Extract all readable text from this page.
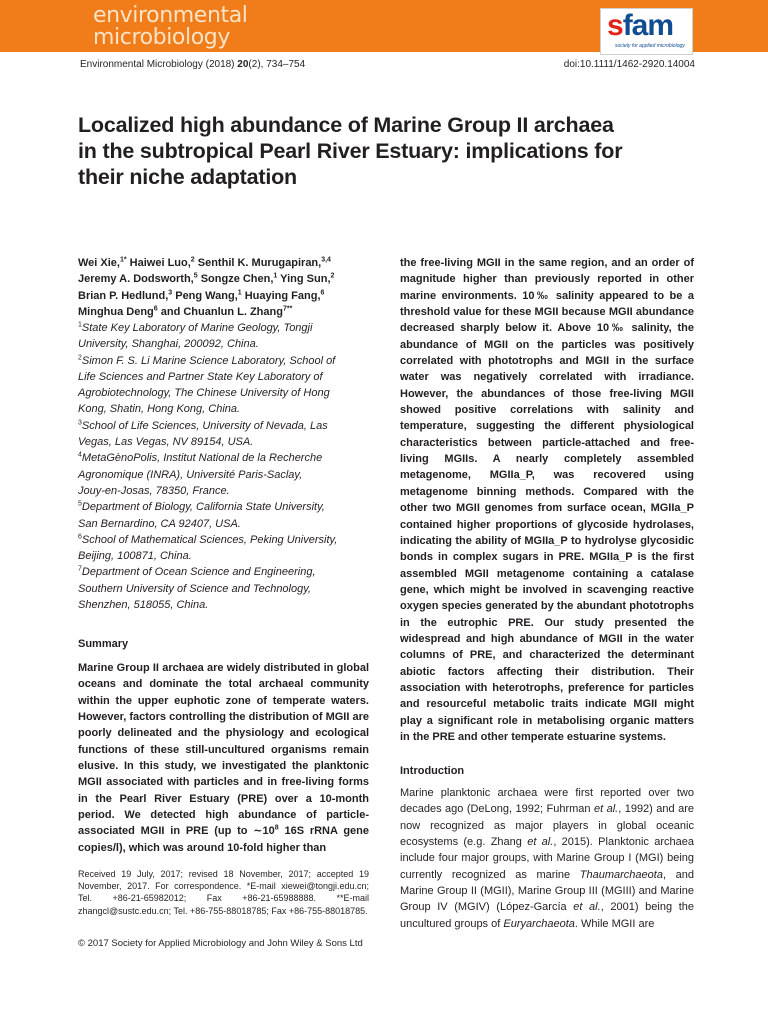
environmental
microbiology	sfam
society for applied microbiology
Environmental Microbiology (2018) 20(2), 734–754	doi:10.1111/1462-2920.14004
Localized high abundance of Marine Group II archaea
in the subtropical Pearl River Estuary: implications for
their niche adaptation
Wei Xie,$^{1*}$ Haiwei Luo,$^2$ Senthil K. Murugapiran,$^{3,4}$
Jeremy A. Dodsworth,$^5$ Songze Chen,$^1$ Ying Sun,$^2$
Brian P. Hedlund,$^3$ Peng Wang,$^1$ Huaying Fang,$^6$
Minghua Deng$^6$ and Chuanlun L. Zhang$^{7**}$

$^1$State Key Laboratory of Marine Geology, Tongji
University, Shanghai, 200092, China.

$^2$Simon F. S. Li Marine Science Laboratory, School of
Life Sciences and Partner State Key Laboratory of
Agrobiotechnology, The Chinese University of Hong
Kong, Shatin, Hong Kong, China.

$^3$School of Life Sciences, University of Nevada, Las
Vegas, Las Vegas, NV 89154, USA.

$^4$MetaGènoPolis, Institut National de la Recherche
Agronomique (INRA), Université Paris-Saclay,
Jouy-en-Josas, 78350, France.

$^5$Department of Biology, California State University,
San Bernardino, CA 92407, USA.

$^6$School of Mathematical Sciences, Peking University,
Beijing, 100871, China.

$^7$Department of Ocean Science and Engineering,
Southern University of Science and Technology,
Shenzhen, 518055, China.

Summary

Marine Group II archaea are widely distributed in global oceans and dominate the total archaeal community within the upper euphotic zone of temperate waters. However, factors controlling the distribution of MGII are poorly delineated and the physiology and ecological functions of these still-uncultured organisms remain elusive. In this study, we investigated the planktonic MGII associated with particles and in free-living forms in the Pearl River Estuary (PRE) over a 10-month period. We detected high abundance of particle-associated MGII in PRE (up to $\sim 10^8$ 16S rRNA gene copies/l), which was around 10-fold higher than

the free-living MGII in the same region, and an order of magnitude higher than previously reported in other marine environments. 10‰ salinity appeared to be a threshold value for these MGII because MGII abundance decreased sharply below it. Above 10‰ salinity, the abundance of MGII on the particles was positively correlated with phototrophs and MGII in the surface water was negatively correlated with irradiance. However, the abundances of those free-living MGII showed positive correlations with salinity and temperature, suggesting the different physiological characteristics between particle-attached and free-living MGIIs. A nearly completely assembled metagenome, MGIIa_P, was recovered using metagenome binning methods. Compared with the other two MGII genomes from surface ocean, MGIIa_P contained higher proportions of glycoside hydrolases, indicating the ability of MGIIa_P to hydrolyse glycosidic bonds in complex sugars in PRE. MGIIa_P is the first assembled MGII metagenome containing a catalase gene, which might be involved in scavenging reactive oxygen species generated by the abundant phototrophs in the eutrophic PRE. Our study presented the widespread and high abundance of MGII in the water columns of PRE, and characterized the determinant abiotic factors affecting their distribution. Their association with heterotrophs, preference for particles and resourceful metabolic traits indicate MGII might play a significant role in metabolising organic matters in the PRE and other temperate estuarine systems.

Introduction

Marine planktonic archaea were first reported over two decades ago (DeLong, 1992; Fuhrman et al., 1992) and are now recognized as major players in global oceanic ecosystems (e.g. Zhang et al., 2015). Planktonic archaea include four major groups, with Marine Group I (MGI) being currently recognized as marine Thaumarchaeota, and Marine Group II (MGII), Marine Group III (MGIII) and Marine Group IV (MGIV) (López-García et al., 2001) being the uncultured groups of Euryarchaeota. While MGII are

Received 19 July, 2017; revised 18 November, 2017; accepted 19 November, 2017. For correspondence. *E-mail xiewei@tongji.edu.cn; Tel. +86-21-65982012; Fax +86-21-65988888. **E-mail zhangcl@sustc.edu.cn; Tel. +86-755-88018785; Fax +86-755-88018785.

© 2017 Society for Applied Microbiology and John Wiley & Sons Ltd
